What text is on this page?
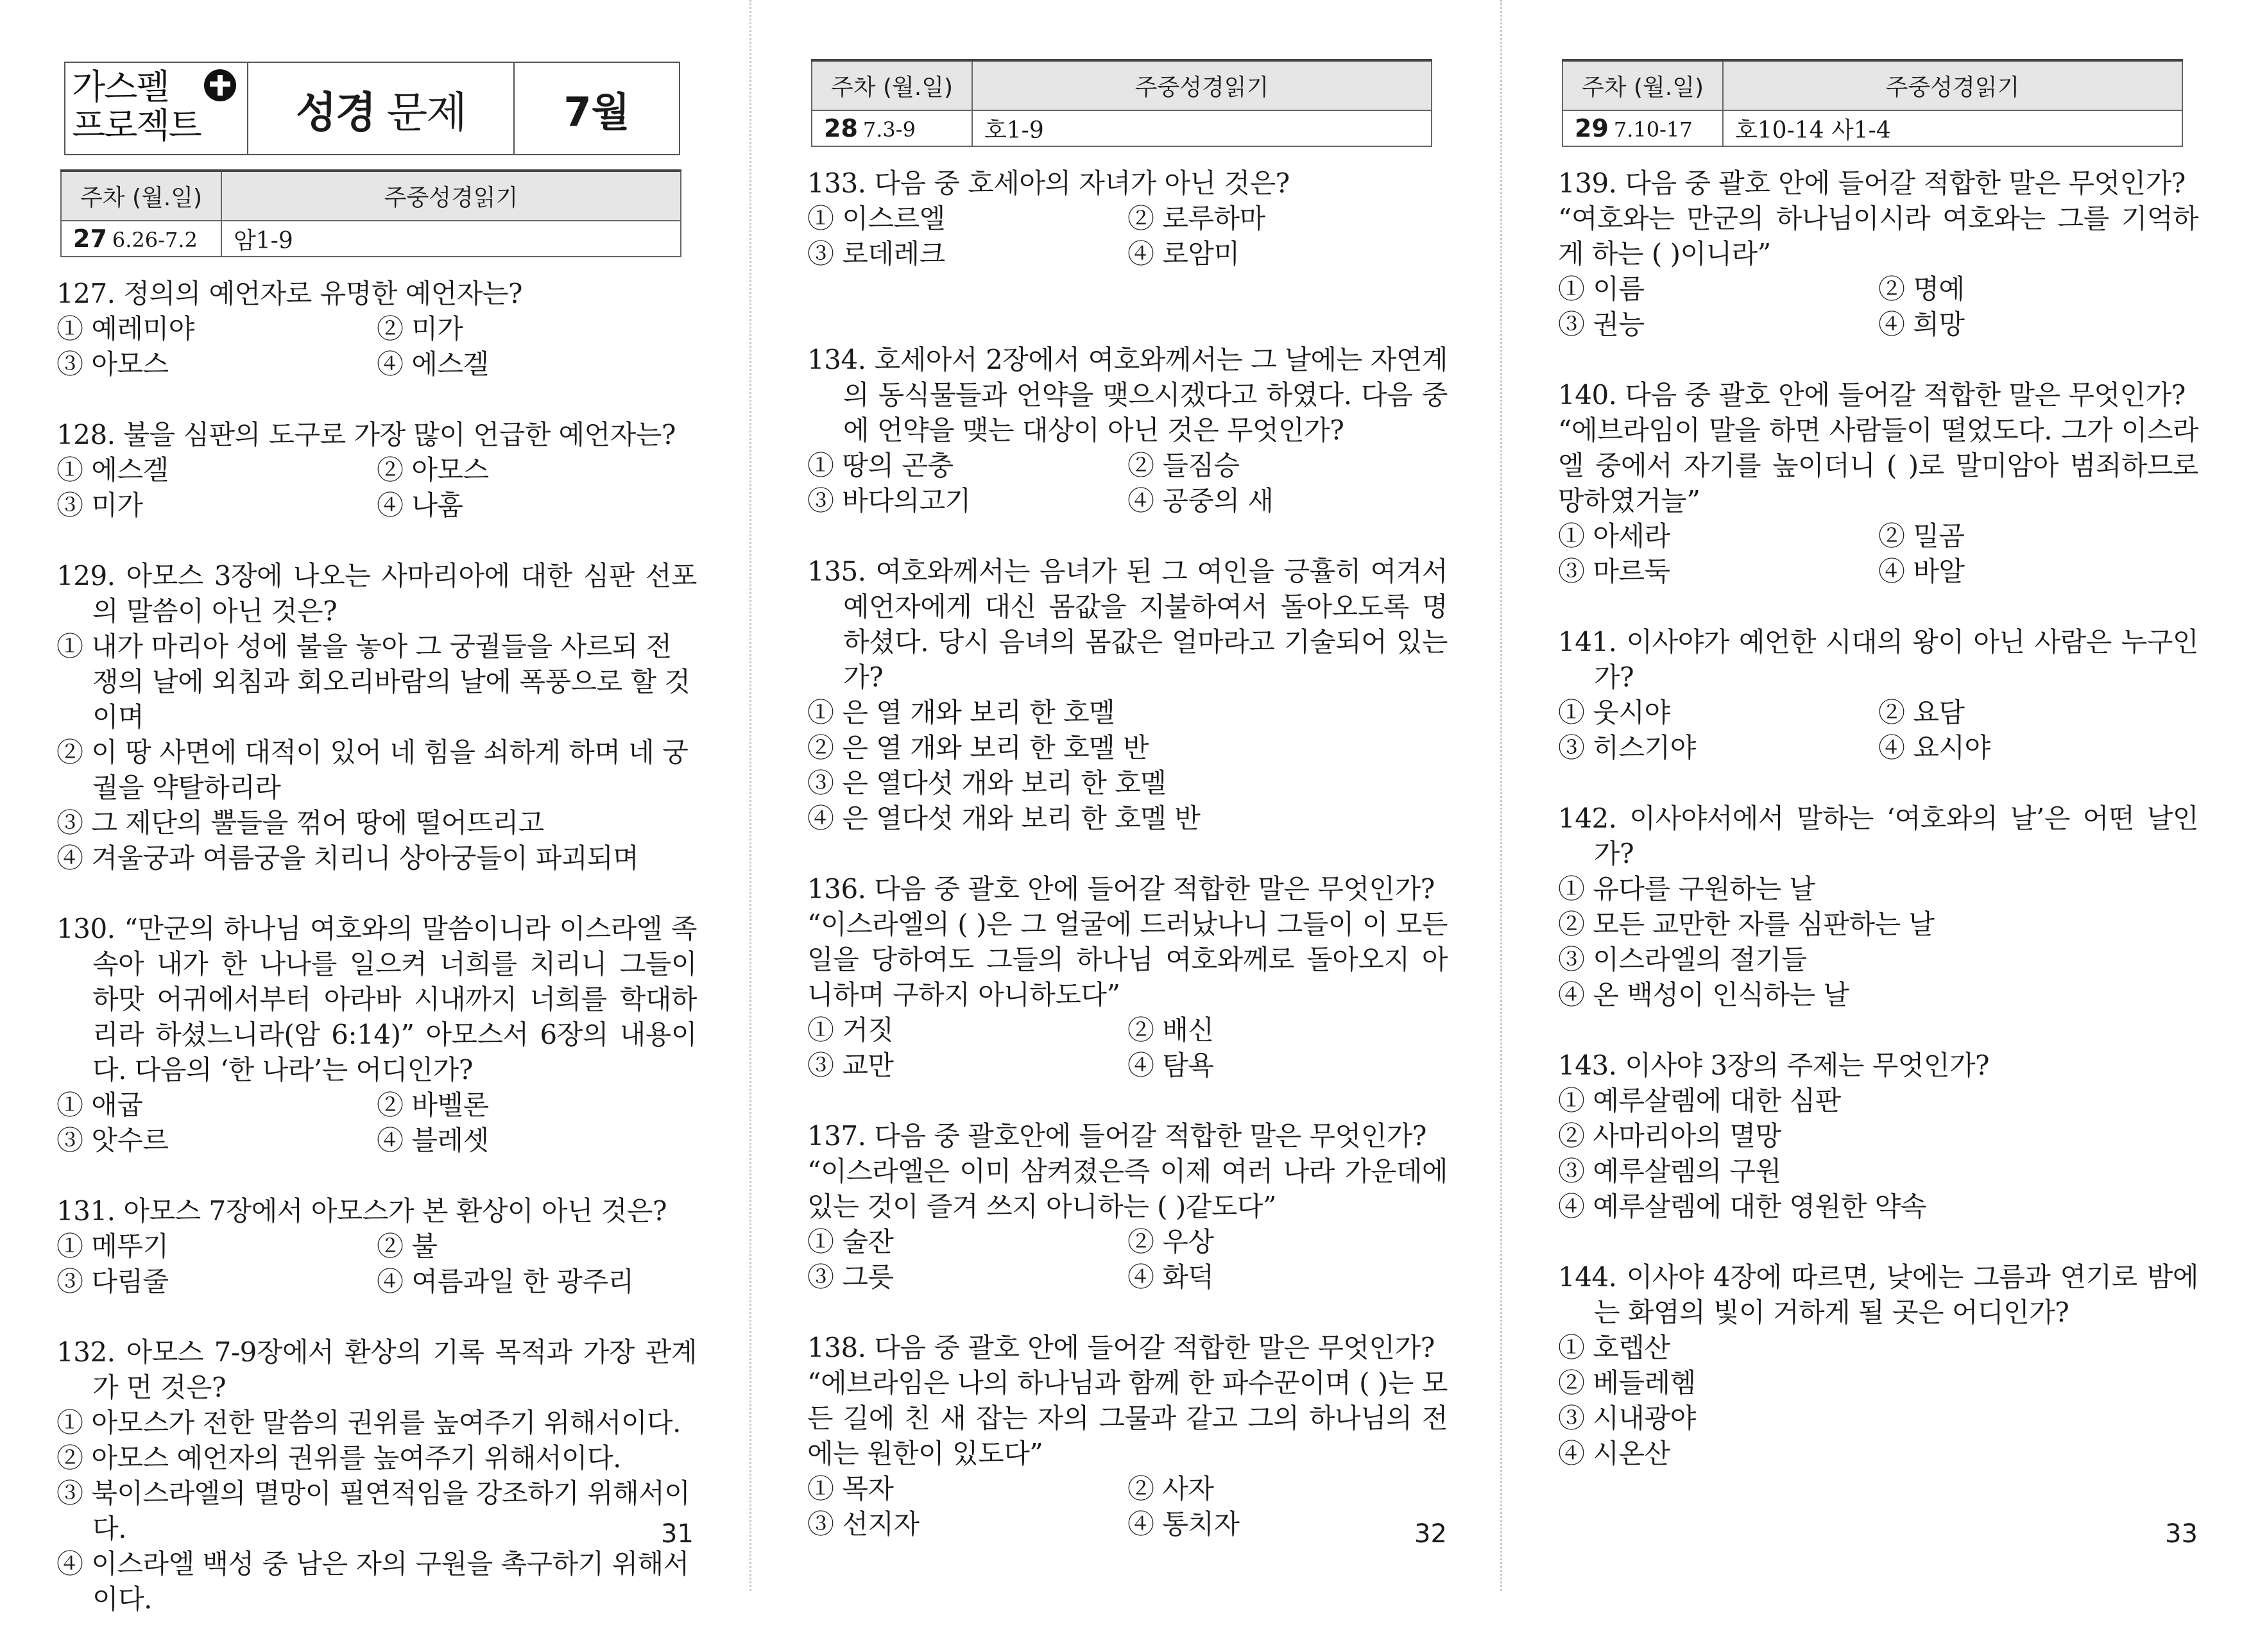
가스펠
프로젝트	성경 문제	7월
주차 (월.일)	주중성경읽기
27 6.26-7.2	암1-9
127. 정의의 예언자로 유명한 예언자는?
① 예레미야	② 미가
③ 아모스	④ 에스겔
128. 불을 심판의 도구로 가장 많이 언급한 예언자는?
① 에스겔	② 아모스
③ 미가	④ 나훔
129. 아모스 3장에 나오는 사마리아에 대한 심판 선포의 말씀이 아닌 것은?
① 내가 마리아 성에 불을 놓아 그 궁궐들을 사르되 전쟁의 날에 외침과 회오리바람의 날에 폭풍으로 할 것이며
② 이 땅 사면에 대적이 있어 네 힘을 쇠하게 하며 네 궁궐을 약탈하리라
③ 그 제단의 뿔들을 꺾어 땅에 떨어뜨리고
④ 겨울궁과 여름궁을 치리니 상아궁들이 파괴되며
130. “만군의 하나님 여호와의 말씀이니라 이스라엘 족속아 내가 한 나나를 일으켜 너희를 치리니 그들이 하맛 어귀에서부터 아라바 시내까지 너희를 학대하리라 하셨느니라(암 6:14)” 아모스서 6장의 내용이다. 다음의 ‘한 나라’는 어디인가?
① 애굽	② 바벨론
③ 앗수르	④ 블레셋
131. 아모스 7장에서 아모스가 본 환상이 아닌 것은?
① 메뚜기	② 불
③ 다림줄	④ 여름과일 한 광주리
132. 아모스 7-9장에서 환상의 기록 목적과 가장 관계가 먼 것은?
① 아모스가 전한 말씀의 권위를 높여주기 위해서이다.
② 아모스 예언자의 권위를 높여주기 위해서이다.
③ 북이스라엘의 멸망이 필연적임을 강조하기 위해서이다.
④ 이스라엘 백성 중 남은 자의 구원을 촉구하기 위해서이다.
31
주차 (월.일)	주중성경읽기
28 7.3-9	호1-9
133. 다음 중 호세아의 자녀가 아닌 것은?
① 이스르엘	② 로루하마
③ 로데레크	④ 로암미
134. 호세아서 2장에서 여호와께서는 그 날에는 자연계의 동식물들과 언약을 맺으시겠다고 하였다. 다음 중에 언약을 맺는 대상이 아닌 것은 무엇인가?
① 땅의 곤충	② 들짐승
③ 바다의고기	④ 공중의 새
135. 여호와께서는 음녀가 된 그 여인을 긍휼히 여겨서 예언자에게 대신 몸값을 지불하여서 돌아오도록 명하셨다. 당시 음녀의 몸값은 얼마라고 기술되어 있는가?
① 은 열 개와 보리 한 호멜
② 은 열 개와 보리 한 호멜 반
③ 은 열다섯 개와 보리 한 호멜
④ 은 열다섯 개와 보리 한 호멜 반
136. 다음 중 괄호 안에 들어갈 적합한 말은 무엇인가?
“이스라엘의 ( )은 그 얼굴에 드러났나니 그들이 이 모든 일을 당하여도 그들의 하나님 여호와께로 돌아오지 아니하며 구하지 아니하도다”
① 거짓	② 배신
③ 교만	④ 탐욕
137. 다음 중 괄호안에 들어갈 적합한 말은 무엇인가?
“이스라엘은 이미 삼켜졌은즉 이제 여러 나라 가운데에 있는 것이 즐겨 쓰지 아니하는 ( )같도다”
① 술잔	② 우상
③ 그릇	④ 화덕
138. 다음 중 괄호 안에 들어갈 적합한 말은 무엇인가?
“에브라임은 나의 하나님과 함께 한 파수꾼이며 ( )는 모든 길에 친 새 잡는 자의 그물과 같고 그의 하나님의 전에는 원한이 있도다”
① 목자	② 사자
③ 선지자	④ 통치자	32
주차 (월.일)	주중성경읽기
29 7.10-17	호10-14 사1-4
139. 다음 중 괄호 안에 들어갈 적합한 말은 무엇인가?
“여호와는 만군의 하나님이시라 여호와는 그를 기억하게 하는 ( )이니라”
① 이름	② 명예
③ 권능	④ 희망
140. 다음 중 괄호 안에 들어갈 적합한 말은 무엇인가?
“에브라임이 말을 하면 사람들이 떨었도다. 그가 이스라엘 중에서 자기를 높이더니 ( )로 말미암아 범죄하므로 망하였거늘”
① 아세라	② 밀곰
③ 마르둑	④ 바알
141. 이사야가 예언한 시대의 왕이 아닌 사람은 누구인가?
① 웃시야	② 요담
③ 히스기야	④ 요시야
142. 이사야서에서 말하는 ‘여호와의 날’은 어떤 날인가?
① 유다를 구원하는 날
② 모든 교만한 자를 심판하는 날
③ 이스라엘의 절기들
④ 온 백성이 인식하는 날
143. 이사야 3장의 주제는 무엇인가?
① 예루살렘에 대한 심판
② 사마리아의 멸망
③ 예루살렘의 구원
④ 예루살렘에 대한 영원한 약속
144. 이사야 4장에 따르면, 낮에는 그름과 연기로 밤에는 화염의 빛이 거하게 될 곳은 어디인가?
① 호렙산
② 베들레헴
③ 시내광야
④ 시온산
33
